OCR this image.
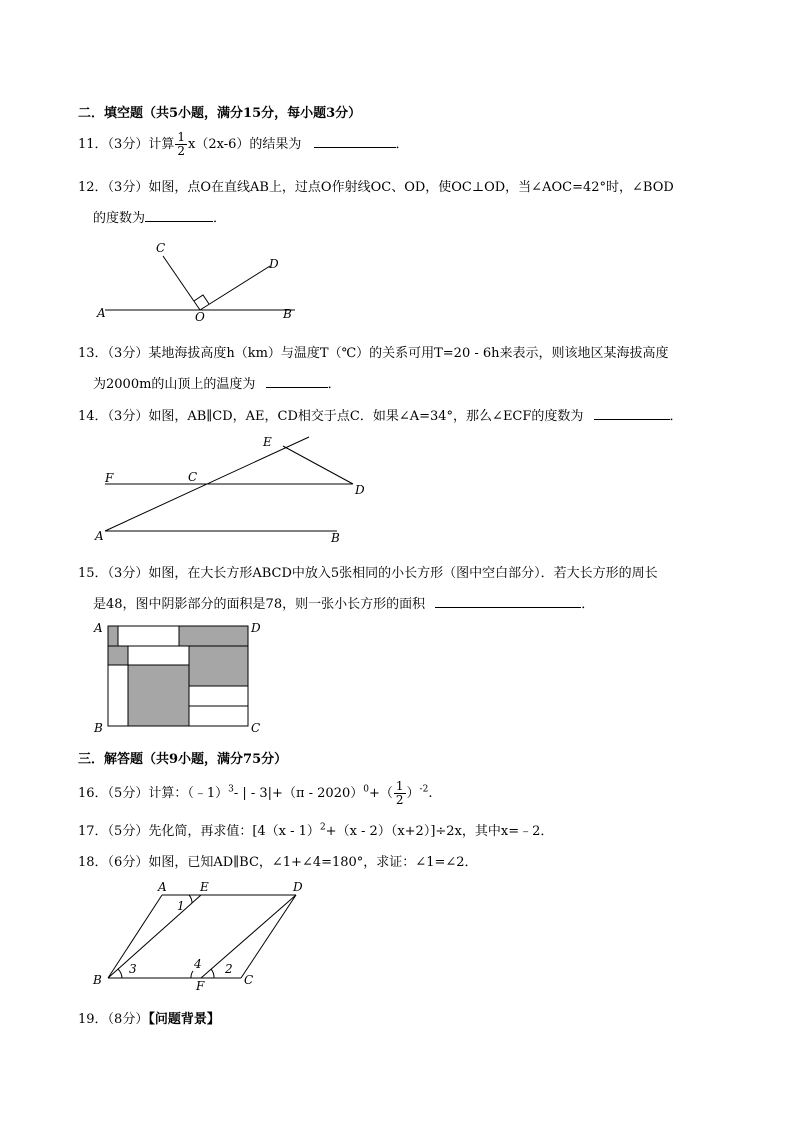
二．填空题（共5小题，满分15分，每小题3分）
11．（3分）计算 $\frac{1}{2} x(2x-6)$的结果为	．
12．（3分）如图，点O在直线AB上，过点O作射线OC、OD，使OC⊥OD，当∠AOC=42°时，∠BOD
的度数为	．
A	B
C
D
O
13．（3分）某地海拔高度h（km）与温度T（℃）的关系可用T=20 - 6h来表示，则该地区某海拔高度
为2000m的山顶上的温度为	．
14．（3分）如图，AB∥CD，AE，CD相交于点C．如果∠A=34°，那么∠ECF的度数为	．
E
F	C
D
A	B
15．（3分）如图，在大长方形ABCD中放入5张相同的小长方形（图中空白部分）．若大长方形的周长
是48，图中阴影部分的面积是78，则一张小长方形的面积	．
A	D
B	C
三．解答题（共9小题，满分75分）
16．（5分）计算：（﹣1）$^3$- | - $3|+(\pi - 2020)^0+( \frac{1}{2} )^{-2}$.
17．（5分）先化简，再求值：[4（x - 1）$^2$+（x - 2）（x+2）]÷2x，其中x=﹣2．
18．（6分）如图，已知AD∥BC，∠1+∠4=180°，求证：∠1=∠2．
A	E	D
B	F	C
1
2
3	4
19．（8分）【问题背景】
